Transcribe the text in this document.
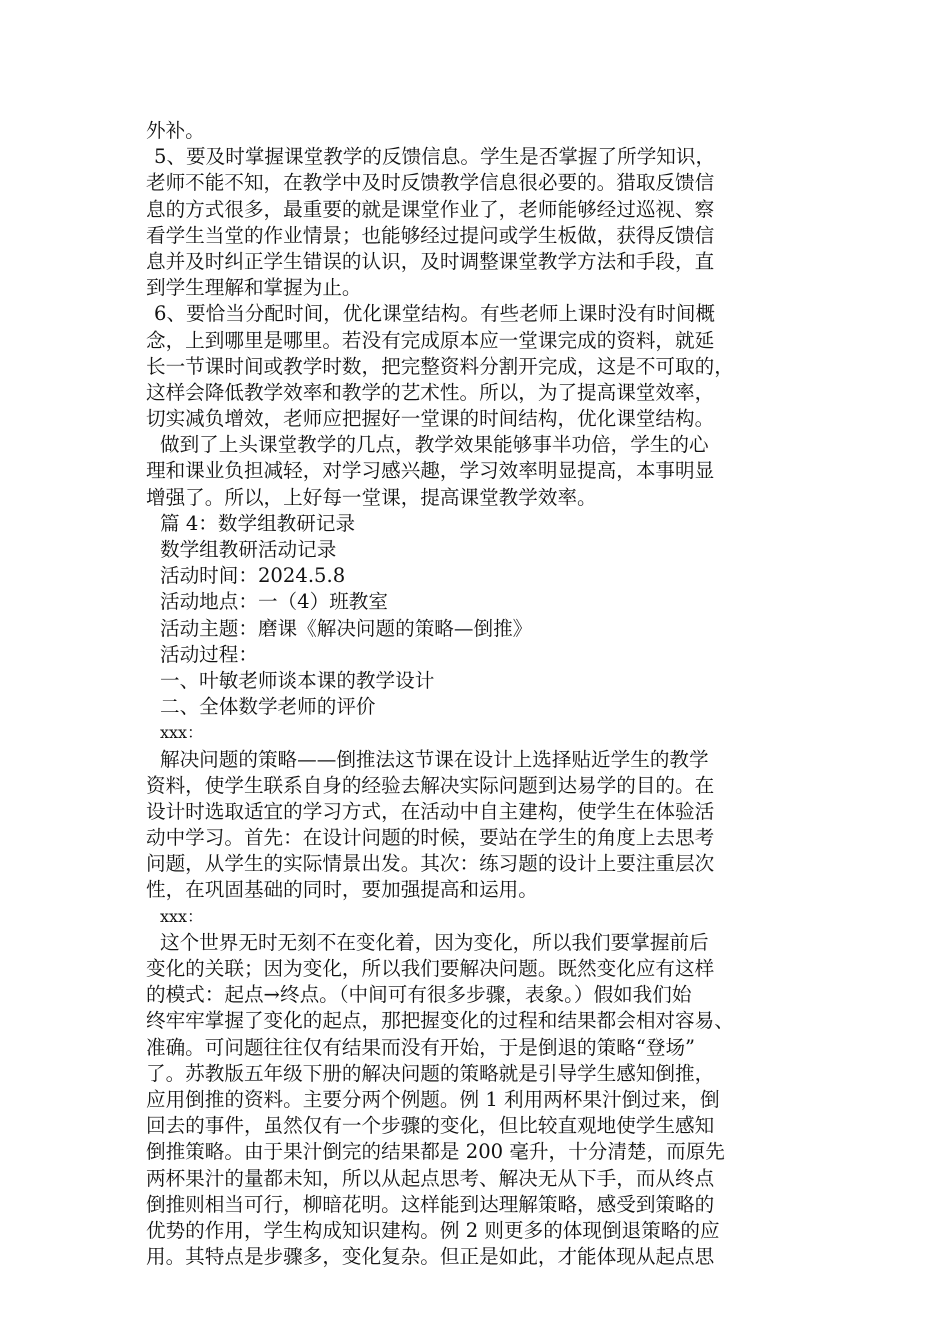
外补。
5、要及时掌握课堂教学的反馈信息。学生是否掌握了所学知识，
老师不能不知，在教学中及时反馈教学信息很必要的。猎取反馈信
息的方式很多，最重要的就是课堂作业了，老师能够经过巡视、察
看学生当堂的作业情景；也能够经过提问或学生板做，获得反馈信
息并及时纠正学生错误的认识，及时调整课堂教学方法和手段，直
到学生理解和掌握为止。
6、要恰当分配时间，优化课堂结构。有些老师上课时没有时间概
念，上到哪里是哪里。若没有完成原本应一堂课完成的资料，就延
长一节课时间或教学时数，把完整资料分割开完成，这是不可取的，
这样会降低教学效率和教学的艺术性。所以，为了提高课堂效率，
切实减负增效，老师应把握好一堂课的时间结构，优化课堂结构。
做到了上头课堂教学的几点，教学效果能够事半功倍，学生的心
理和课业负担减轻，对学习感兴趣，学习效率明显提高，本事明显
增强了。所以，上好每一堂课，提高课堂教学效率。
篇 4：数学组教研记录
数学组教研活动记录
活动时间：2024.5.8
活动地点：一（4）班教室
活动主题：磨课《解决问题的策略—倒推》
活动过程：
一、叶敏老师谈本课的教学设计
二、全体数学老师的评价
xxx：
解决问题的策略——倒推法这节课在设计上选择贴近学生的教学
资料，使学生联系自身的经验去解决实际问题到达易学的目的。在
设计时选取适宜的学习方式，在活动中自主建构，使学生在体验活
动中学习。首先：在设计问题的时候，要站在学生的角度上去思考
问题，从学生的实际情景出发。其次：练习题的设计上要注重层次
性，在巩固基础的同时，要加强提高和运用。
xxx：
这个世界无时无刻不在变化着，因为变化，所以我们要掌握前后
变化的关联；因为变化，所以我们要解决问题。既然变化应有这样
的模式：起点→终点。（中间可有很多步骤，表象。）假如我们始
终牢牢掌握了变化的起点，那把握变化的过程和结果都会相对容易、
准确。可问题往往仅有结果而没有开始，于是倒退的策略“登场”
了。苏教版五年级下册的解决问题的策略就是引导学生感知倒推，
应用倒推的资料。主要分两个例题。例 1 利用两杯果汁倒过来，倒
回去的事件，虽然仅有一个步骤的变化，但比较直观地使学生感知
倒推策略。由于果汁倒完的结果都是 200 毫升，十分清楚，而原先
两杯果汁的量都未知，所以从起点思考、解决无从下手，而从终点
倒推则相当可行，柳暗花明。这样能到达理解策略，感受到策略的
优势的作用，学生构成知识建构。例 2 则更多的体现倒退策略的应
用。其特点是步骤多，变化复杂。但正是如此，才能体现从起点思
